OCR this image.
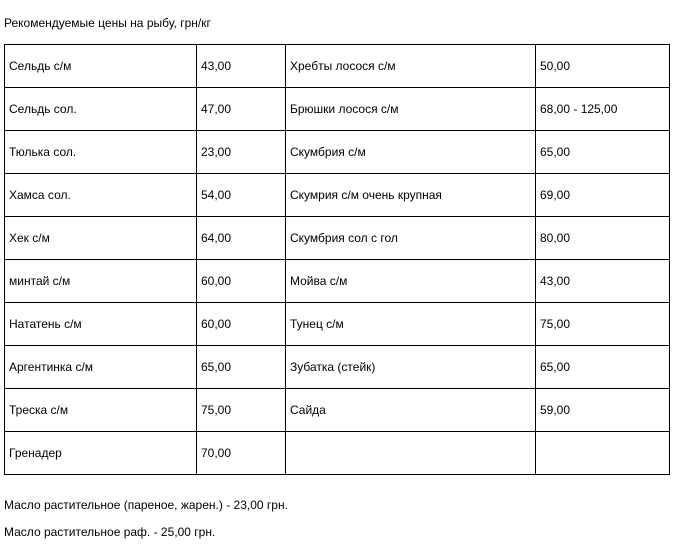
Рекомендуемые цены на рыбу, грн/кг
Сельдь с/м	43,00	Хребты лосося с/м	50,00
Сельдь сол.	47,00	Брюшки лосося с/м	68,00 - 125,00
Тюлька сол.	23,00	Скумбрия с/м	65,00
Хамса сол.	54,00	Скумрия с/м очень крупная	69,00
Хек с/м	64,00	Скумбрия сол с гол	80,00
минтай с/м	60,00	Мойва с/м	43,00
Нататень с/м	60,00	Тунец с/м	75,00
Аргентинка с/м	65,00	Зубатка (стейк)	65,00
Треска с/м	75,00	Сайда	59,00
Гренадер	70,00		
Масло растительное (пареное, жарен.) - 23,00 грн.
Масло растительное раф. - 25,00 грн.
